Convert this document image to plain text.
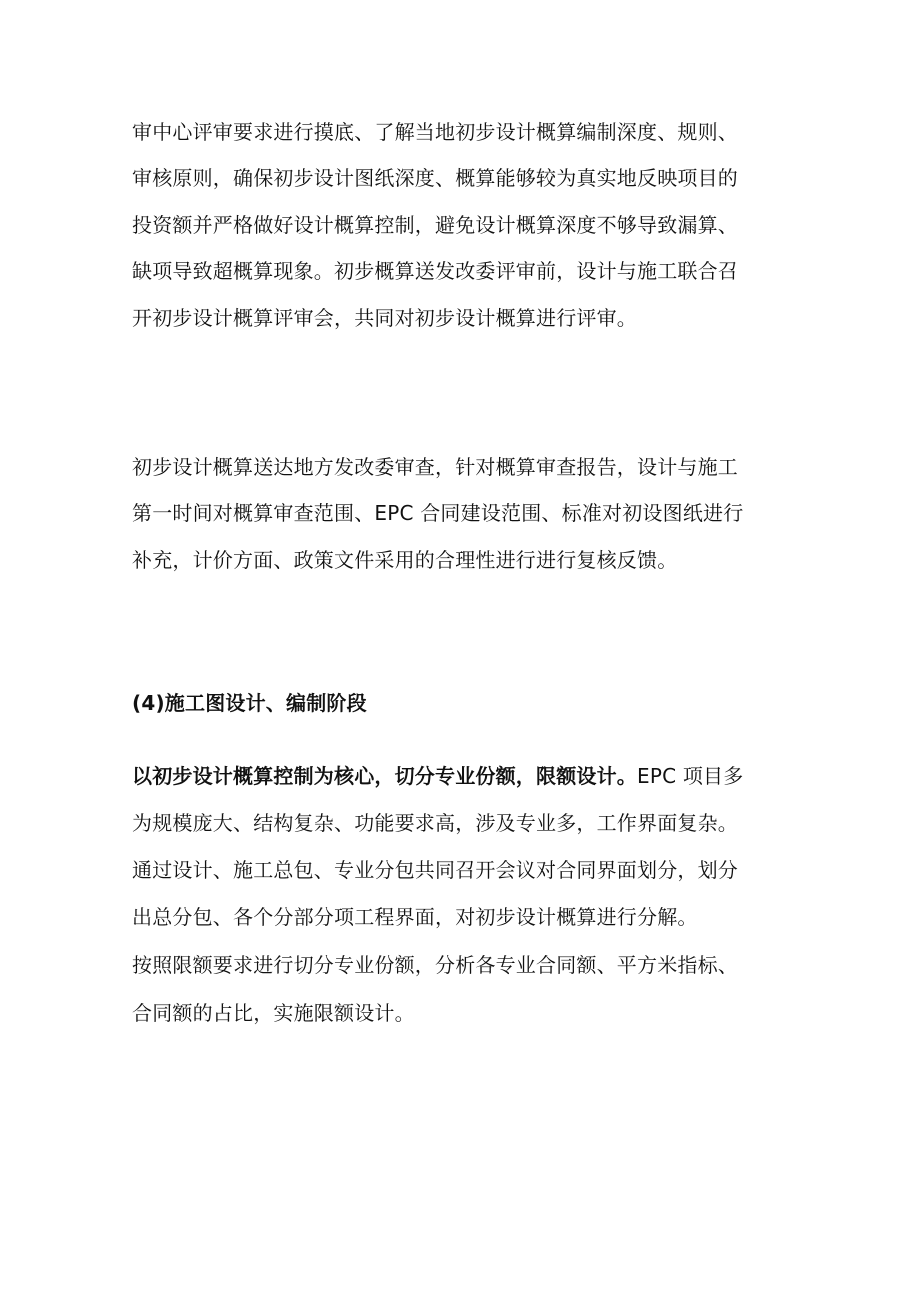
审中心评审要求进行摸底、了解当地初步设计概算编制深度、规则、
审核原则，确保初步设计图纸深度、概算能够较为真实地反映项目的
投资额并严格做好设计概算控制，避免设计概算深度不够导致漏算、
缺项导致超概算现象。初步概算送发改委评审前，设计与施工联合召
开初步设计概算评审会，共同对初步设计概算进行评审。
初步设计概算送达地方发改委审查，针对概算审查报告，设计与施工
第一时间对概算审查范围、EPC 合同建设范围、标准对初设图纸进行
补充，计价方面、政策文件采用的合理性进行进行复核反馈。
(4)施工图设计、编制阶段
以初步设计概算控制为核心，切分专业份额，限额设计。EPC 项目多
为规模庞大、结构复杂、功能要求高，涉及专业多，工作界面复杂。
通过设计、施工总包、专业分包共同召开会议对合同界面划分，划分
出总分包、各个分部分项工程界面，对初步设计概算进行分解。
按照限额要求进行切分专业份额，分析各专业合同额、平方米指标、
合同额的占比，实施限额设计。
